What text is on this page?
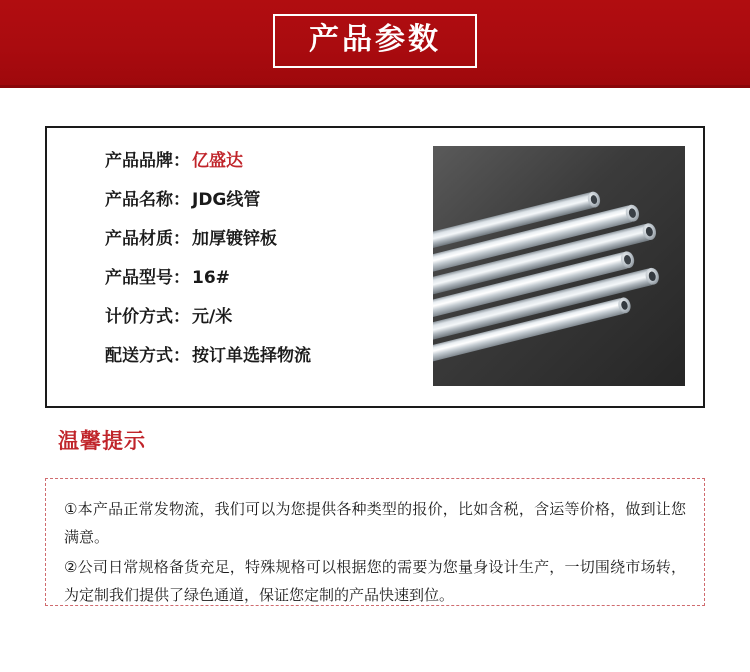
产品参数
产品品牌 ： 亿盛达
产品名称 ： JDG线管
产品材质 ： 加厚镀锌板
产品型号 ： 16#
计价方式 ： 元/米
配送方式 ： 按订单选择物流
温馨提示

①本产品正常发物流，我们可以为您提供各种类型的报价，比如含税，含运等价格，做到让您满意。

②公司日常规格备货充足，特殊规格可以根据您的需要为您量身设计生产，一切围绕市场转，为定制我们提供了绿色通道，保证您定制的产品快速到位。
